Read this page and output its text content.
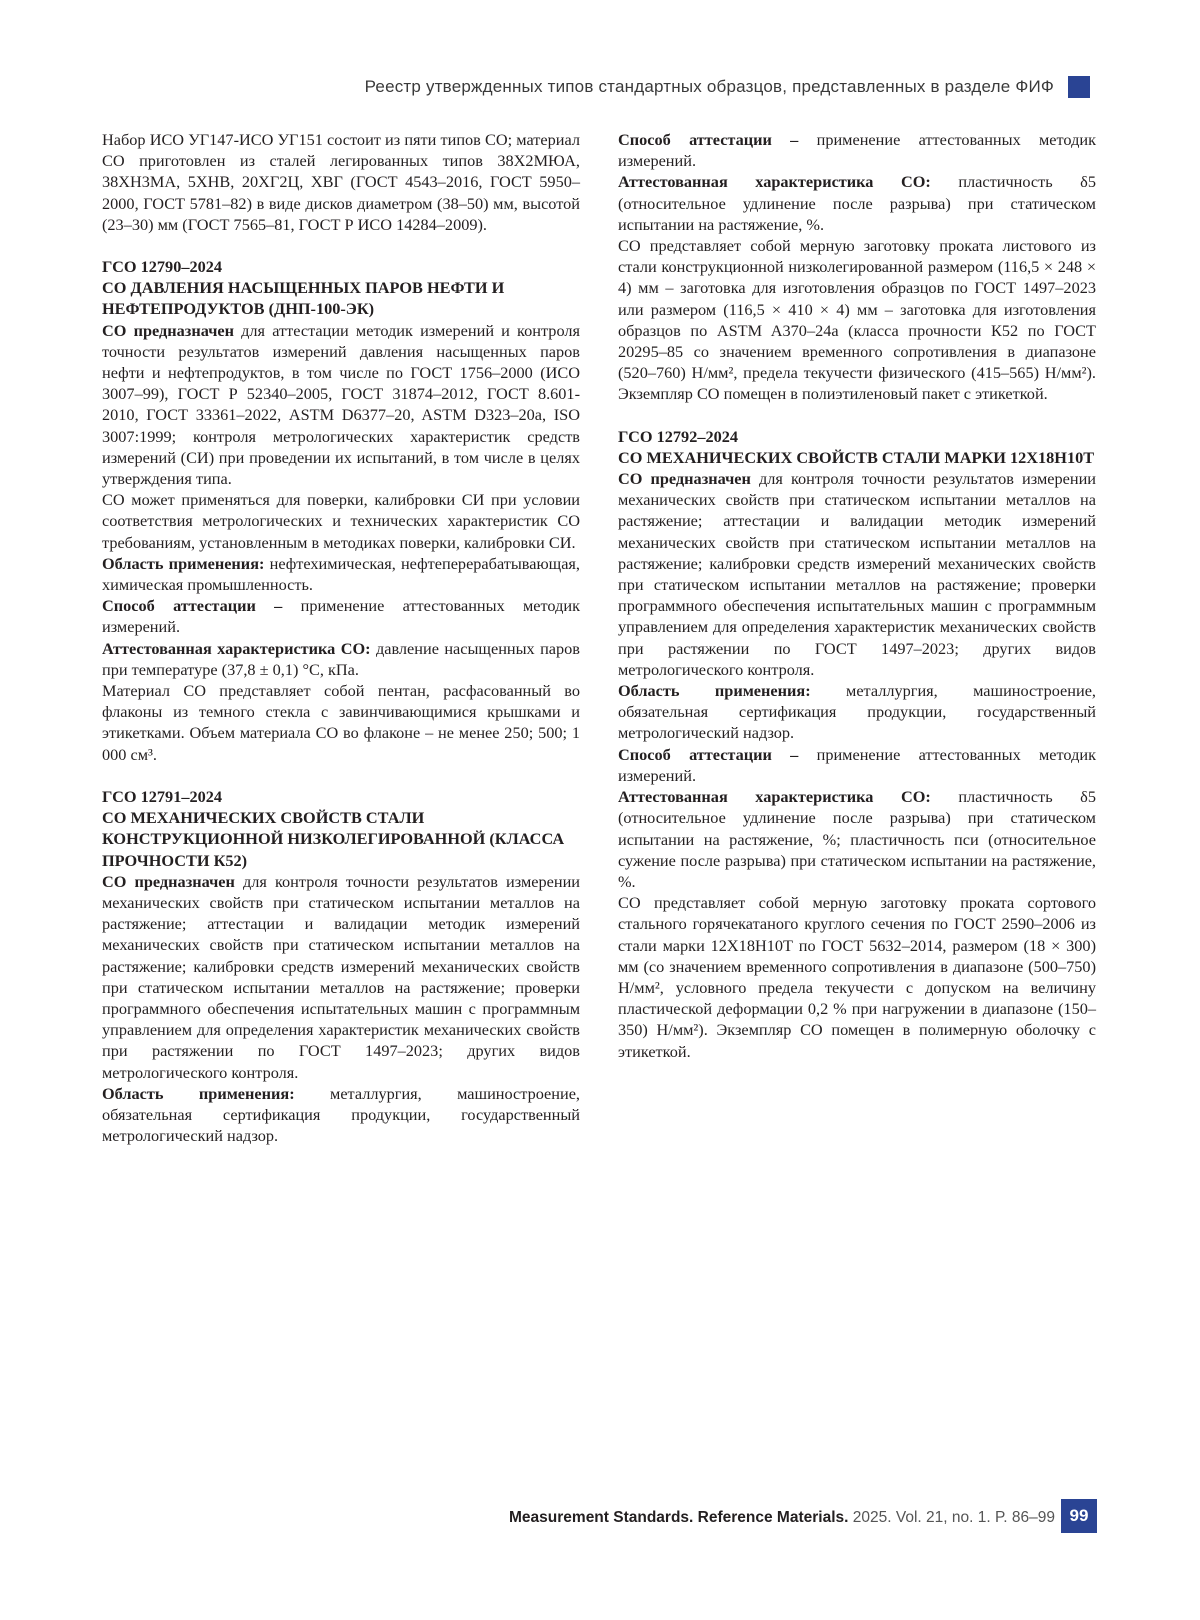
Реестр утвержденных типов стандартных образцов, представленных в разделе ФИФ

Набор ИСО УГ147-ИСО УГ151 состоит из пяти типов СО; материал СО приготовлен из сталей легированных типов 38Х2МЮА, 38ХН3МА, 5ХНВ, 20ХГ2Ц, ХВГ (ГОСТ 4543–2016, ГОСТ 5950–2000, ГОСТ 5781–82) в виде дисков диаметром (38–50) мм, высотой (23–30) мм (ГОСТ 7565–81, ГОСТ Р ИСО 14284–2009).

ГСО 12790–2024

СО ДАВЛЕНИЯ НАСЫЩЕННЫХ ПАРОВ НЕФТИ И НЕФТЕПРОДУКТОВ (ДНП-100-ЭК)

СО предназначен для аттестации методик измерений и контроля точности результатов измерений давления насыщенных паров нефти и нефтепродуктов, в том числе по ГОСТ 1756–2000 (ИСО 3007–99), ГОСТ Р 52340–2005, ГОСТ 31874–2012, ГОСТ 8.601-2010, ГОСТ 33361–2022, ASTM D6377–20, ASTM D323–20a, ISO 3007:1999; контроля метрологических характеристик средств измерений (СИ) при проведении их испытаний, в том числе в целях утверждения типа.

СО может применяться для поверки, калибровки СИ при условии соответствия метрологических и технических характеристик СО требованиям, установленным в методиках поверки, калибровки СИ.

Область применения: нефтехимическая, нефтеперерабатывающая, химическая промышленность.

Способ аттестации – применение аттестованных методик измерений.

Аттестованная характеристика СО: давление насыщенных паров при температуре (37,8 ± 0,1) °С, кПа.

Материал СО представляет собой пентан, расфасованный во флаконы из темного стекла с завинчивающимися крышками и этикетками. Объем материала СО во флаконе – не менее 250; 500; 1 000 см³.

ГСО 12791–2024

СО МЕХАНИЧЕСКИХ СВОЙСТВ СТАЛИ КОНСТРУКЦИОННОЙ НИЗКОЛЕГИРОВАННОЙ (КЛАССА ПРОЧНОСТИ К52)

СО предназначен для контроля точности результатов измерении механических свойств при статическом испытании металлов на растяжение; аттестации и валидации методик измерений механических свойств при статическом испытании металлов на растяжение; калибровки средств измерений механических свойств при статическом испытании металлов на растяжение; проверки программного обеспечения испытательных машин с программным управлением для определения характеристик механических свойств при растяжении по ГОСТ 1497–2023; других видов метрологического контроля.

Область применения: металлургия, машиностроение, обязательная сертификация продукции, государственный метрологический надзор.

Способ аттестации – применение аттестованных методик измерений.

Аттестованная характеристика СО: пластичность δ5 (относительное удлинение после разрыва) при статическом испытании на растяжение, %.

СО представляет собой мерную заготовку проката листового из стали конструкционной низколегированной размером (116,5 × 248 × 4) мм – заготовка для изготовления образцов по ГОСТ 1497–2023 или размером (116,5 × 410 × 4) мм – заготовка для изготовления образцов по ASTM A370–24a (класса прочности К52 по ГОСТ 20295–85 со значением временного сопротивления в диапазоне (520–760) Н/мм², предела текучести физического (415–565) Н/мм²). Экземпляр СО помещен в полиэтиленовый пакет с этикеткой.

ГСО 12792–2024

СО МЕХАНИЧЕСКИХ СВОЙСТВ СТАЛИ МАРКИ 12Х18Н10Т

СО предназначен для контроля точности результатов измерении механических свойств при статическом испытании металлов на растяжение; аттестации и валидации методик измерений механических свойств при статическом испытании металлов на растяжение; калибровки средств измерений механических свойств при статическом испытании металлов на растяжение; проверки программного обеспечения испытательных машин с программным управлением для определения характеристик механических свойств при растяжении по ГОСТ 1497–2023; других видов метрологического контроля.

Область применения: металлургия, машиностроение, обязательная сертификация продукции, государственный метрологический надзор.

Способ аттестации – применение аттестованных методик измерений.

Аттестованная характеристика СО: пластичность δ5 (относительное удлинение после разрыва) при статическом испытании на растяжение, %; пластичность пси (относительное сужение после разрыва) при статическом испытании на растяжение, %.

СО представляет собой мерную заготовку проката сортового стального горячекатаного круглого сечения по ГОСТ 2590–2006 из стали марки 12Х18Н10Т по ГОСТ 5632–2014, размером (18 × 300) мм (со значением временного сопротивления в диапазоне (500–750) Н/мм², условного предела текучести с допуском на величину пластической деформации 0,2 % при нагружении в диапазоне (150–350) Н/мм²). Экземпляр СО помещен в полимерную оболочку с этикеткой.

Measurement Standards. Reference Materials. 2025. Vol. 21, no. 1. P. 86–99 99
